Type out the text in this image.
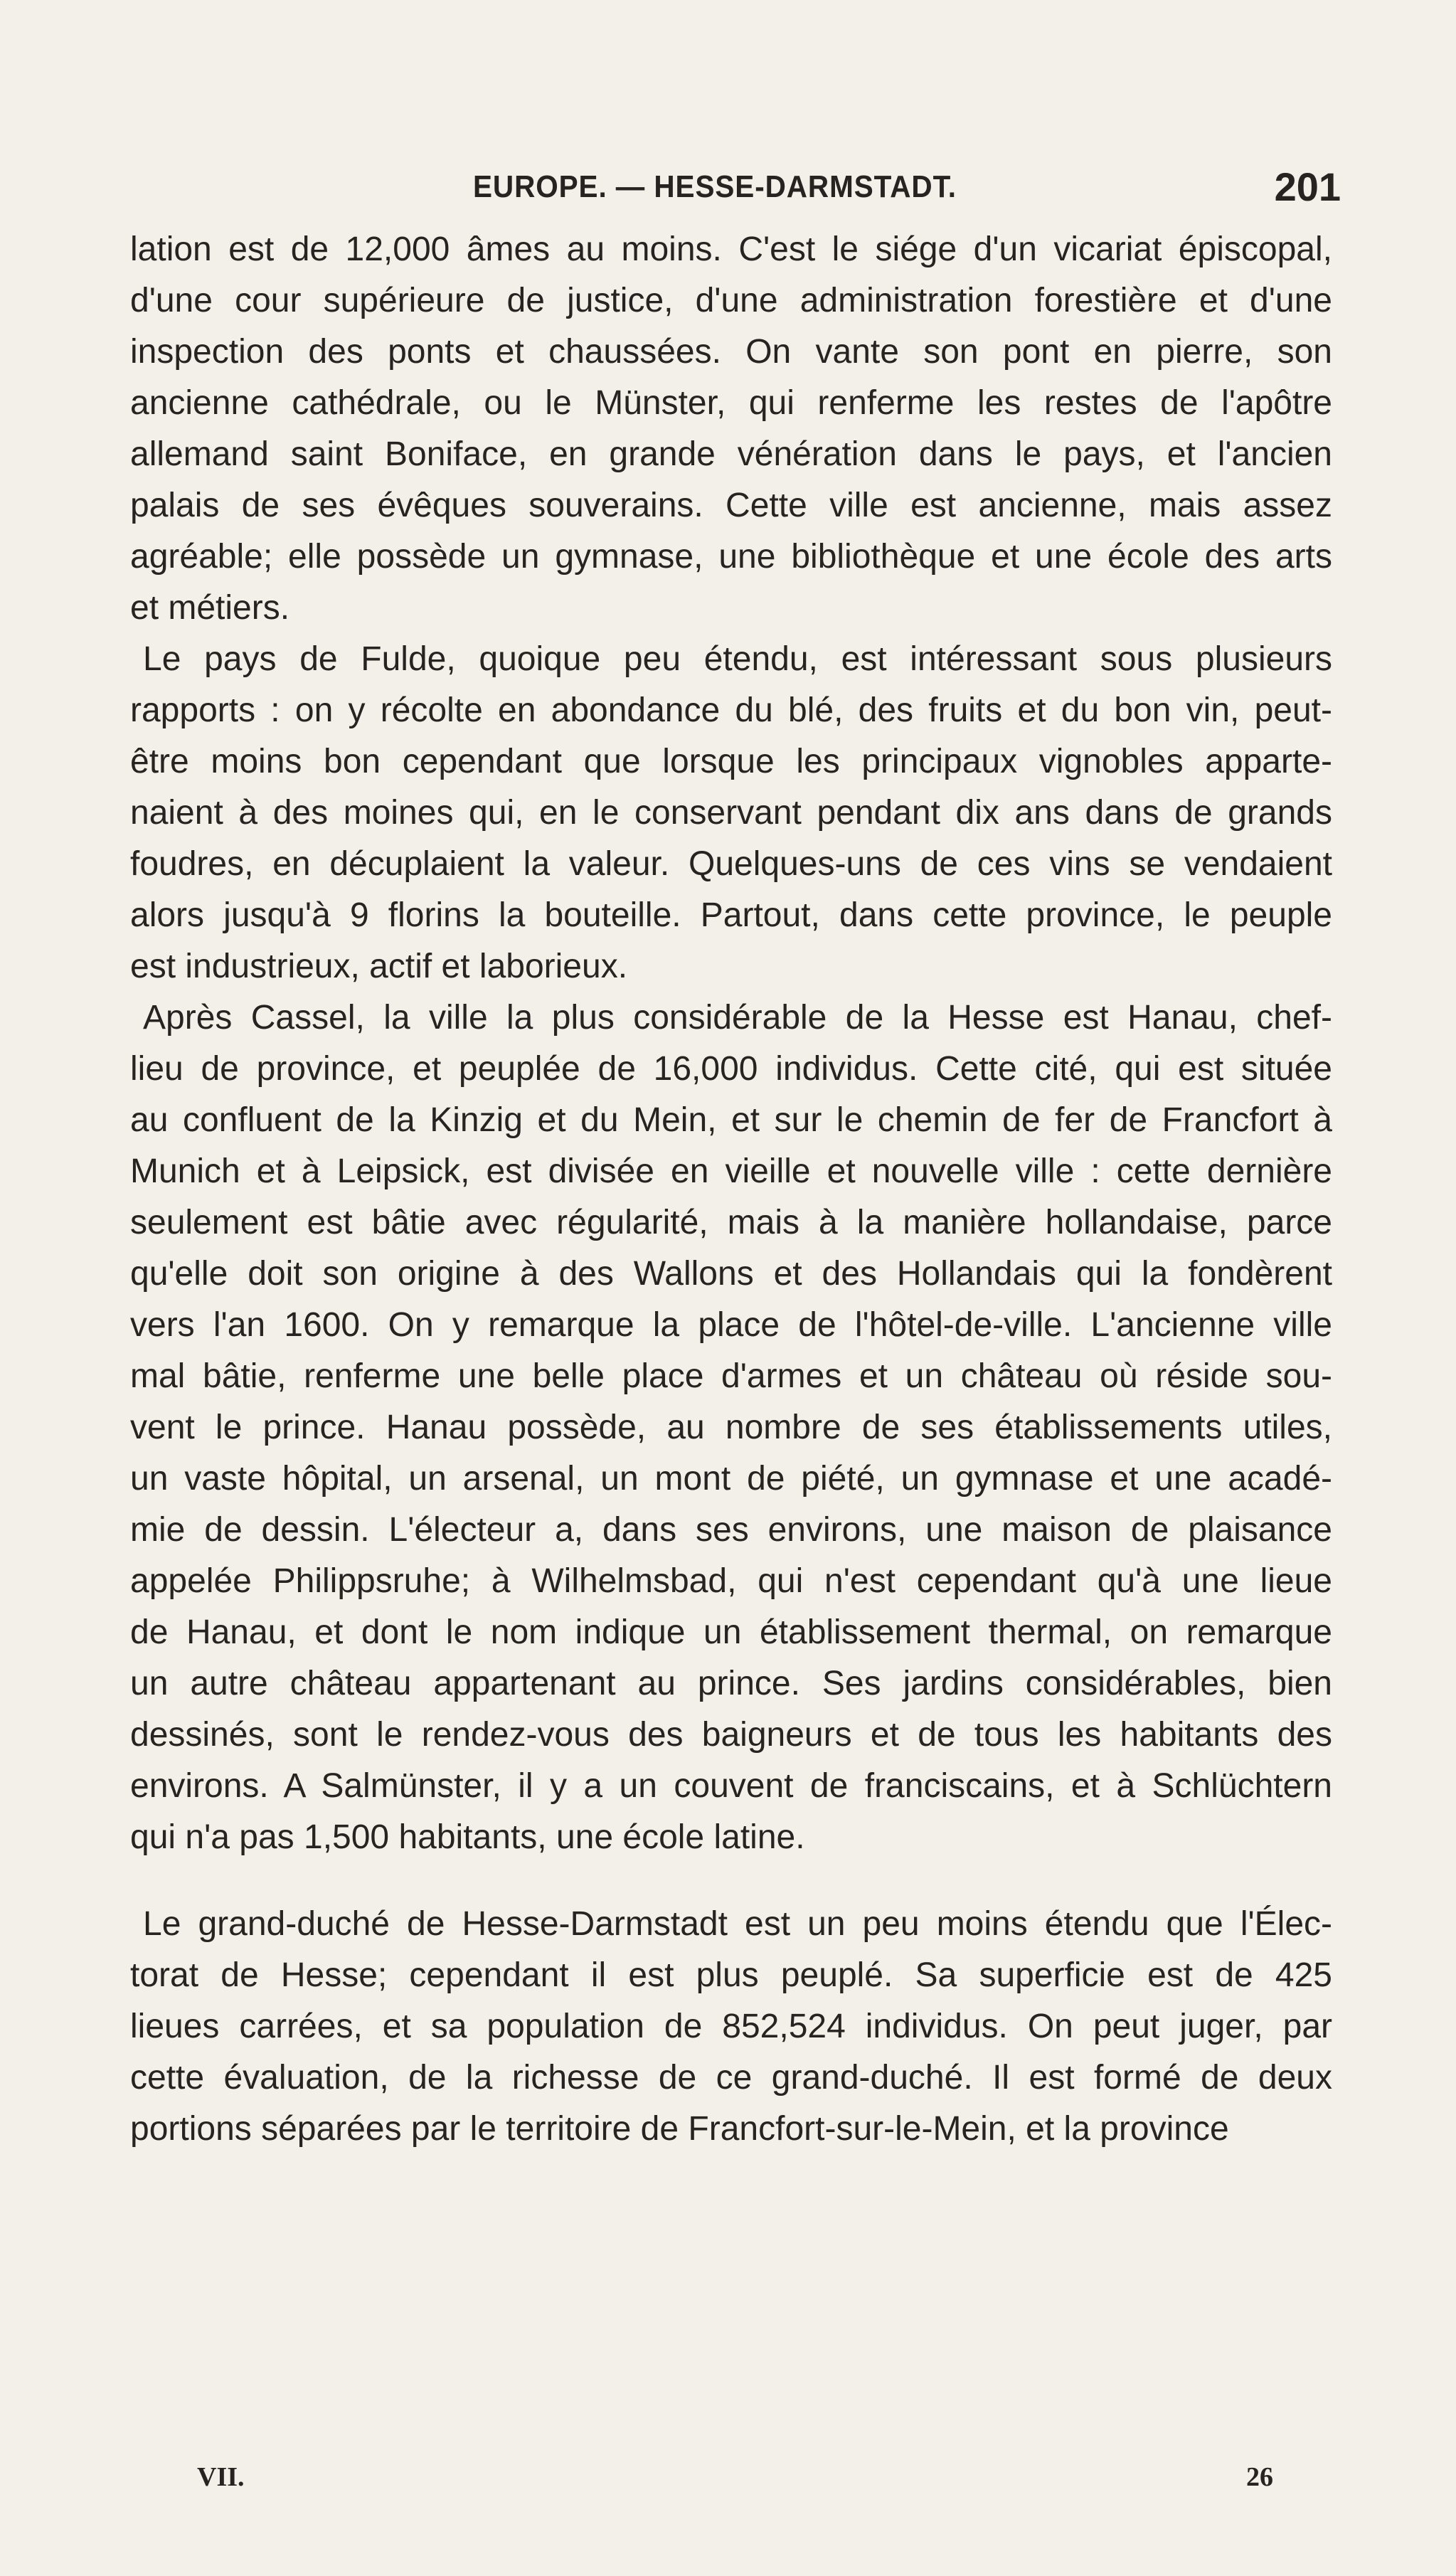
EUROPE. — HESSE-DARMSTADT.	201
lation est de 12,000 âmes au moins. C'est le siége d'un vicariat épiscopal,
d'une cour supérieure de justice, d'une administration forestière et d'une
inspection des ponts et chaussées. On vante son pont en pierre, son
ancienne cathédrale, ou le Münster, qui renferme les restes de l'apôtre
allemand saint Boniface, en grande vénération dans le pays, et l'ancien
palais de ses évêques souverains. Cette ville est ancienne, mais assez
agréable; elle possède un gymnase, une bibliothèque et une école des arts
et métiers.
Le pays de Fulde, quoique peu étendu, est intéressant sous plusieurs
rapports : on y récolte en abondance du blé, des fruits et du bon vin, peut-
être moins bon cependant que lorsque les principaux vignobles apparte-
naient à des moines qui, en le conservant pendant dix ans dans de grands
foudres, en décuplaient la valeur. Quelques-uns de ces vins se vendaient
alors jusqu'à 9 florins la bouteille. Partout, dans cette province, le peuple
est industrieux, actif et laborieux.
Après Cassel, la ville la plus considérable de la Hesse est Hanau, chef-
lieu de province, et peuplée de 16,000 individus. Cette cité, qui est située
au confluent de la Kinzig et du Mein, et sur le chemin de fer de Francfort à
Munich et à Leipsick, est divisée en vieille et nouvelle ville : cette dernière
seulement est bâtie avec régularité, mais à la manière hollandaise, parce
qu'elle doit son origine à des Wallons et des Hollandais qui la fondèrent
vers l'an 1600. On y remarque la place de l'hôtel-de-ville. L'ancienne ville
mal bâtie, renferme une belle place d'armes et un château où réside sou-
vent le prince. Hanau possède, au nombre de ses établissements utiles,
un vaste hôpital, un arsenal, un mont de piété, un gymnase et une acadé-
mie de dessin. L'électeur a, dans ses environs, une maison de plaisance
appelée Philippsruhe; à Wilhelmsbad, qui n'est cependant qu'à une lieue
de Hanau, et dont le nom indique un établissement thermal, on remarque
un autre château appartenant au prince. Ses jardins considérables, bien
dessinés, sont le rendez-vous des baigneurs et de tous les habitants des
environs. A Salmünster, il y a un couvent de franciscains, et à Schlüchtern
qui n'a pas 1,500 habitants, une école latine.
Le grand-duché de Hesse-Darmstadt est un peu moins étendu que l'Élec-
torat de Hesse; cependant il est plus peuplé. Sa superficie est de 425
lieues carrées, et sa population de 852,524 individus. On peut juger, par
cette évaluation, de la richesse de ce grand-duché. Il est formé de deux
portions séparées par le territoire de Francfort-sur-le-Mein, et la province
VII.	26
